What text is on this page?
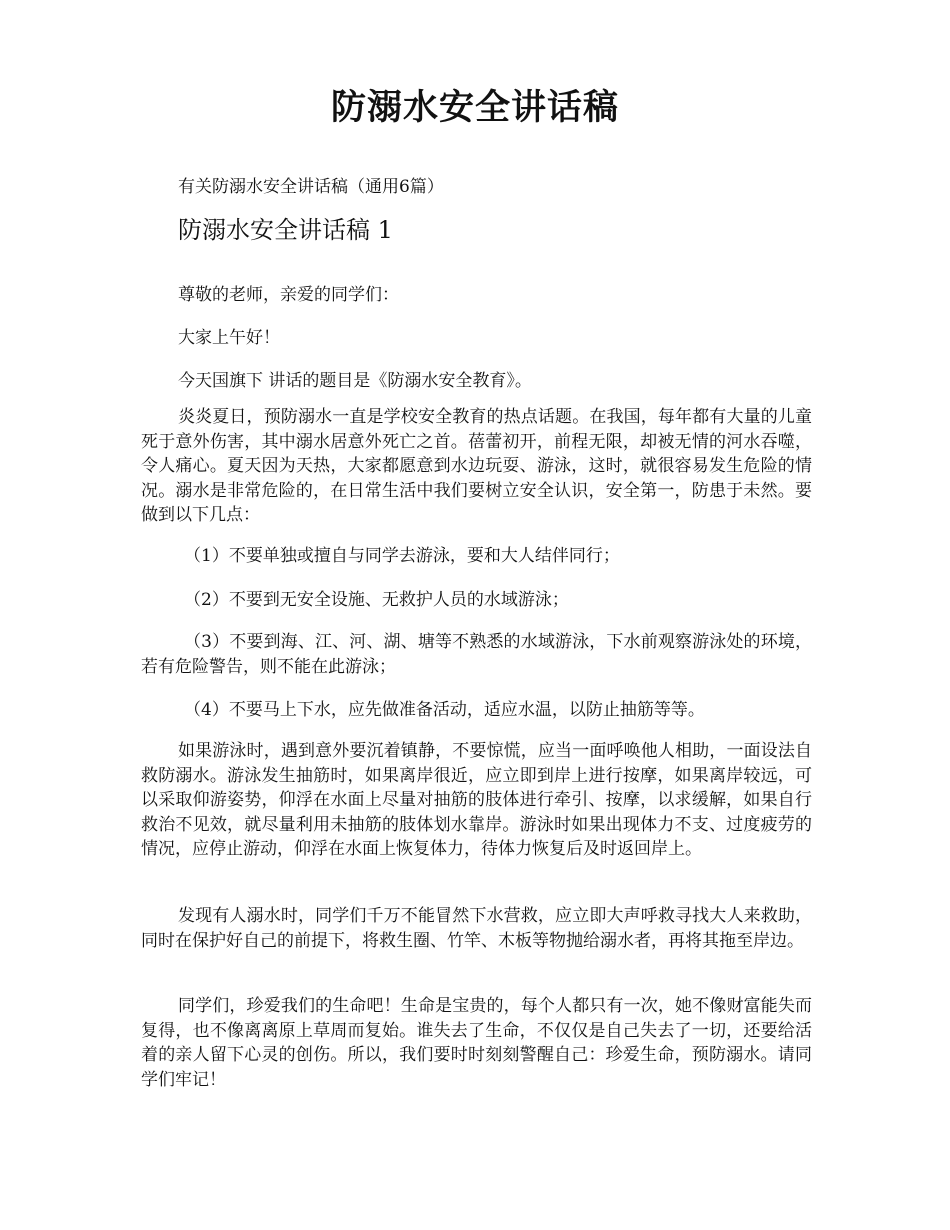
防溺水安全讲话稿

有关防溺水安全讲话稿（通用6篇）

防溺水安全讲话稿 1

尊敬的老师，亲爱的同学们：

大家上午好！

今天国旗下 讲话的题目是《防溺水安全教育》。

炎炎夏日，预防溺水一直是学校安全教育的热点话题。在我国，每年都有大量的儿童死于意外伤害，其中溺水居意外死亡之首。蓓蕾初开，前程无限，却被无情的河水吞噬，令人痛心。夏天因为天热，大家都愿意到水边玩耍、游泳，这时，就很容易发生危险的情况。溺水是非常危险的，在日常生活中我们要树立安全认识，安全第一，防患于未然。要做到以下几点：

（1）不要单独或擅自与同学去游泳，要和大人结伴同行；

（2）不要到无安全设施、无救护人员的水域游泳；

（3）不要到海、江、河、湖、塘等不熟悉的水域游泳，下水前观察游泳处的环境，若有危险警告，则不能在此游泳；

（4）不要马上下水，应先做准备活动，适应水温，以防止抽筋等等。

如果游泳时，遇到意外要沉着镇静，不要惊慌，应当一面呼唤他人相助，一面设法自救防溺水。游泳发生抽筋时，如果离岸很近，应立即到岸上进行按摩，如果离岸较远，可以采取仰游姿势，仰浮在水面上尽量对抽筋的肢体进行牵引、按摩，以求缓解，如果自行救治不见效，就尽量利用未抽筋的肢体划水靠岸。游泳时如果出现体力不支、过度疲劳的情况，应停止游动，仰浮在水面上恢复体力，待体力恢复后及时返回岸上。

发现有人溺水时，同学们千万不能冒然下水营救，应立即大声呼救寻找大人来救助，同时在保护好自己的前提下，将救生圈、竹竿、木板等物抛给溺水者，再将其拖至岸边。

同学们，珍爱我们的生命吧！生命是宝贵的，每个人都只有一次，她不像财富能失而复得，也不像离离原上草周而复始。谁失去了生命，不仅仅是自己失去了一切，还要给活着的亲人留下心灵的创伤。所以，我们要时时刻刻警醒自己：珍爱生命，预防溺水。请同学们牢记！
